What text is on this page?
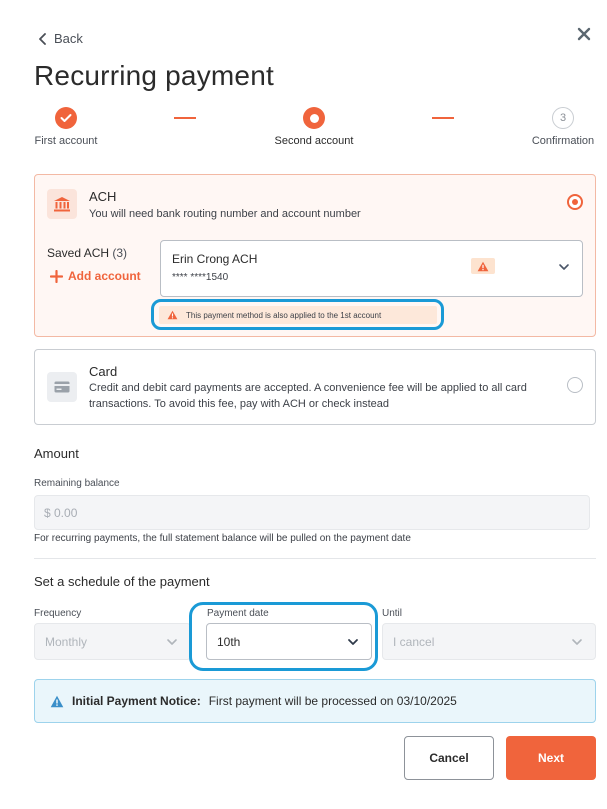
Back
Recurring payment
First account	Second account
3
Confirmation
ACH
You will need bank routing number and account number
Saved ACH (3)
Add account
Erin Crong ACH
**** ****1540
This payment method is also applied to the 1st account
Card
Credit and debit card payments are accepted. A convenience fee will be applied to all card
transactions. To avoid this fee, pay with ACH or check instead
Amount
Remaining balance
$ 0.00
For recurring payments, the full statement balance will be pulled on the payment date
Set a schedule of the payment
Frequency
Monthly
Payment date
10th
Until
I cancel
Initial Payment Notice: First payment will be processed on 03/10/2025
Cancel	Next
